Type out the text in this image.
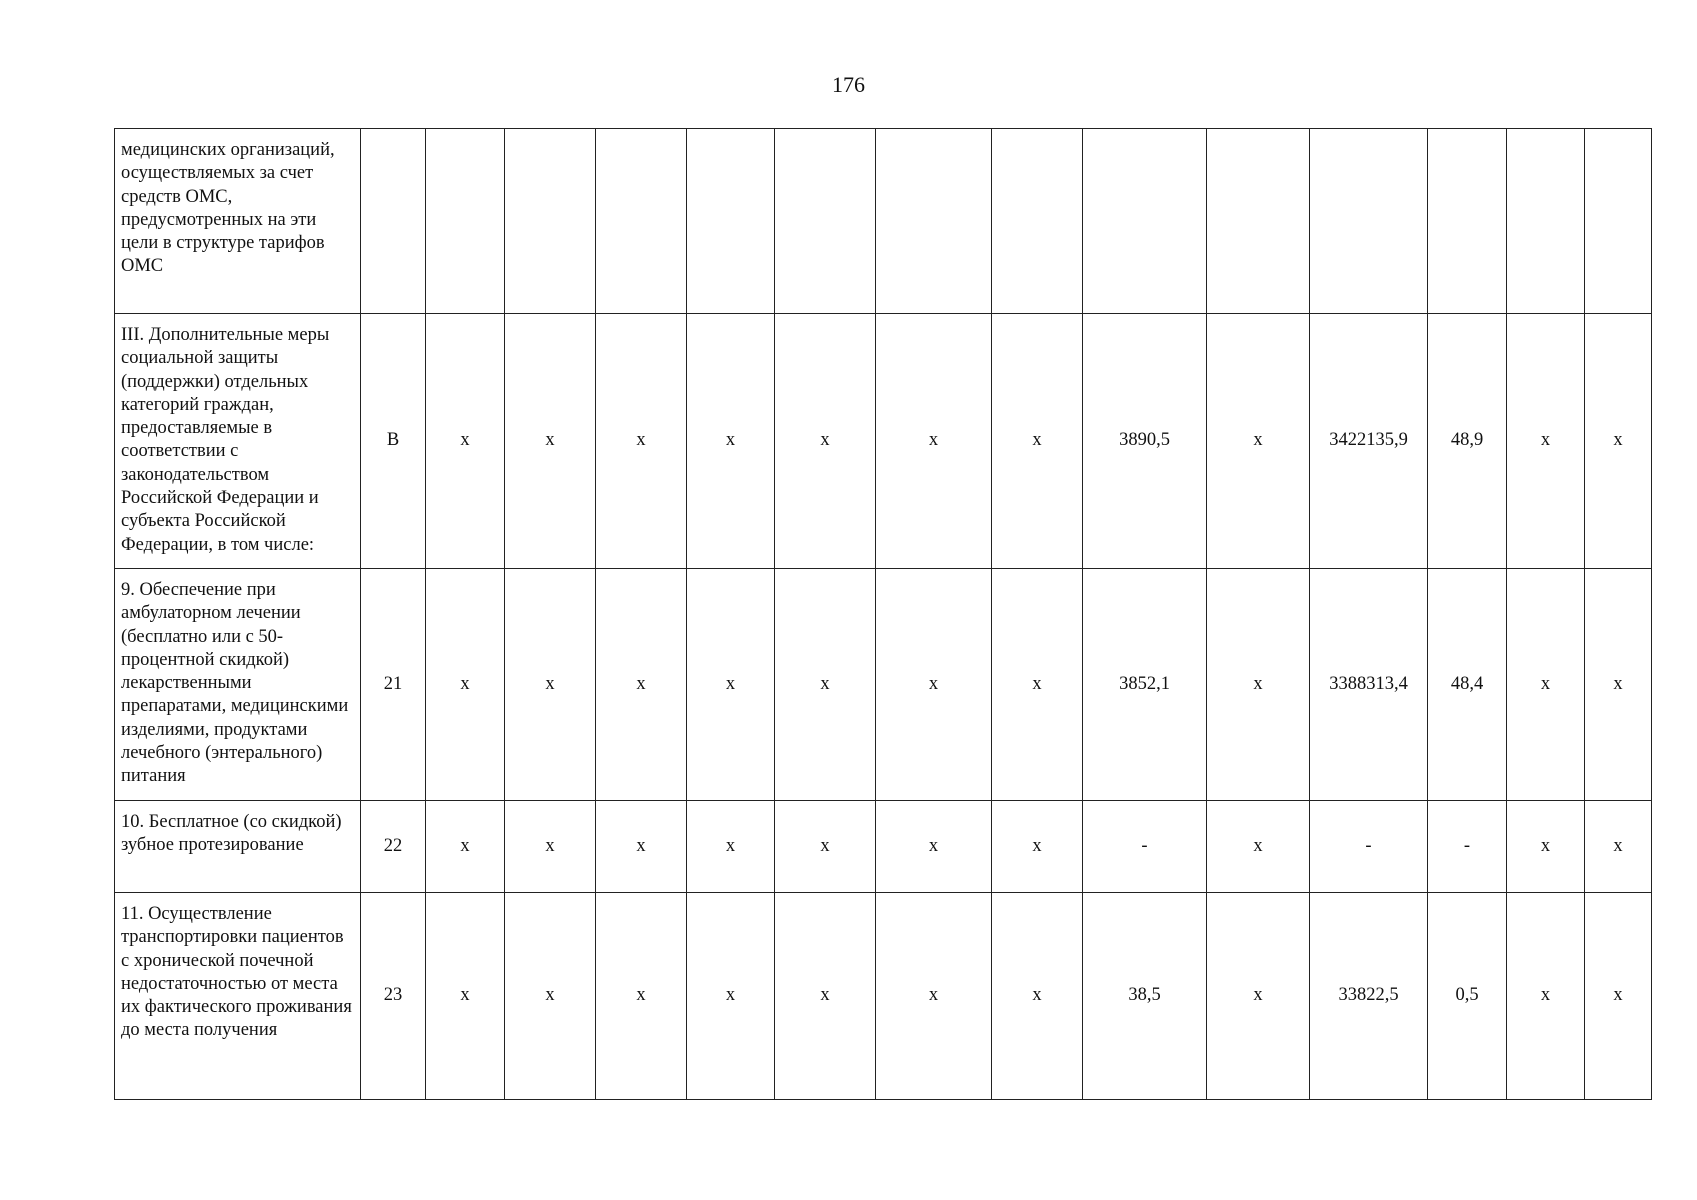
176
медицинских организаций, осуществляемых за счет средств ОМС, предусмотренных на эти цели в структуре тарифов ОМС														
III. Дополнительные меры социальной защиты (поддержки) отдельных категорий граждан, предоставляемые в соответствии с законодательством Российской Федерации и субъекта Российской Федерации, в том числе:	В	х	х	х	х	х	х	х	3890,5	х	3422135,9	48,9	х	х
9. Обеспечение при амбулаторном лечении (бесплатно или с 50-процентной скидкой) лекарственными препаратами, медицинскими изделиями, продуктами лечебного (энтерального) питания	21	х	х	х	х	х	х	х	3852,1	х	3388313,4	48,4	х	х
10. Бесплатное (со скидкой) зубное протезирование	22	х	х	х	х	х	х	х	-	х	-	-	х	х
11. Осуществление транспортировки пациентов с хронической почечной недостаточностью от места их фактического проживания до места получения	23	х	х	х	х	х	х	х	38,5	х	33822,5	0,5	х	х
